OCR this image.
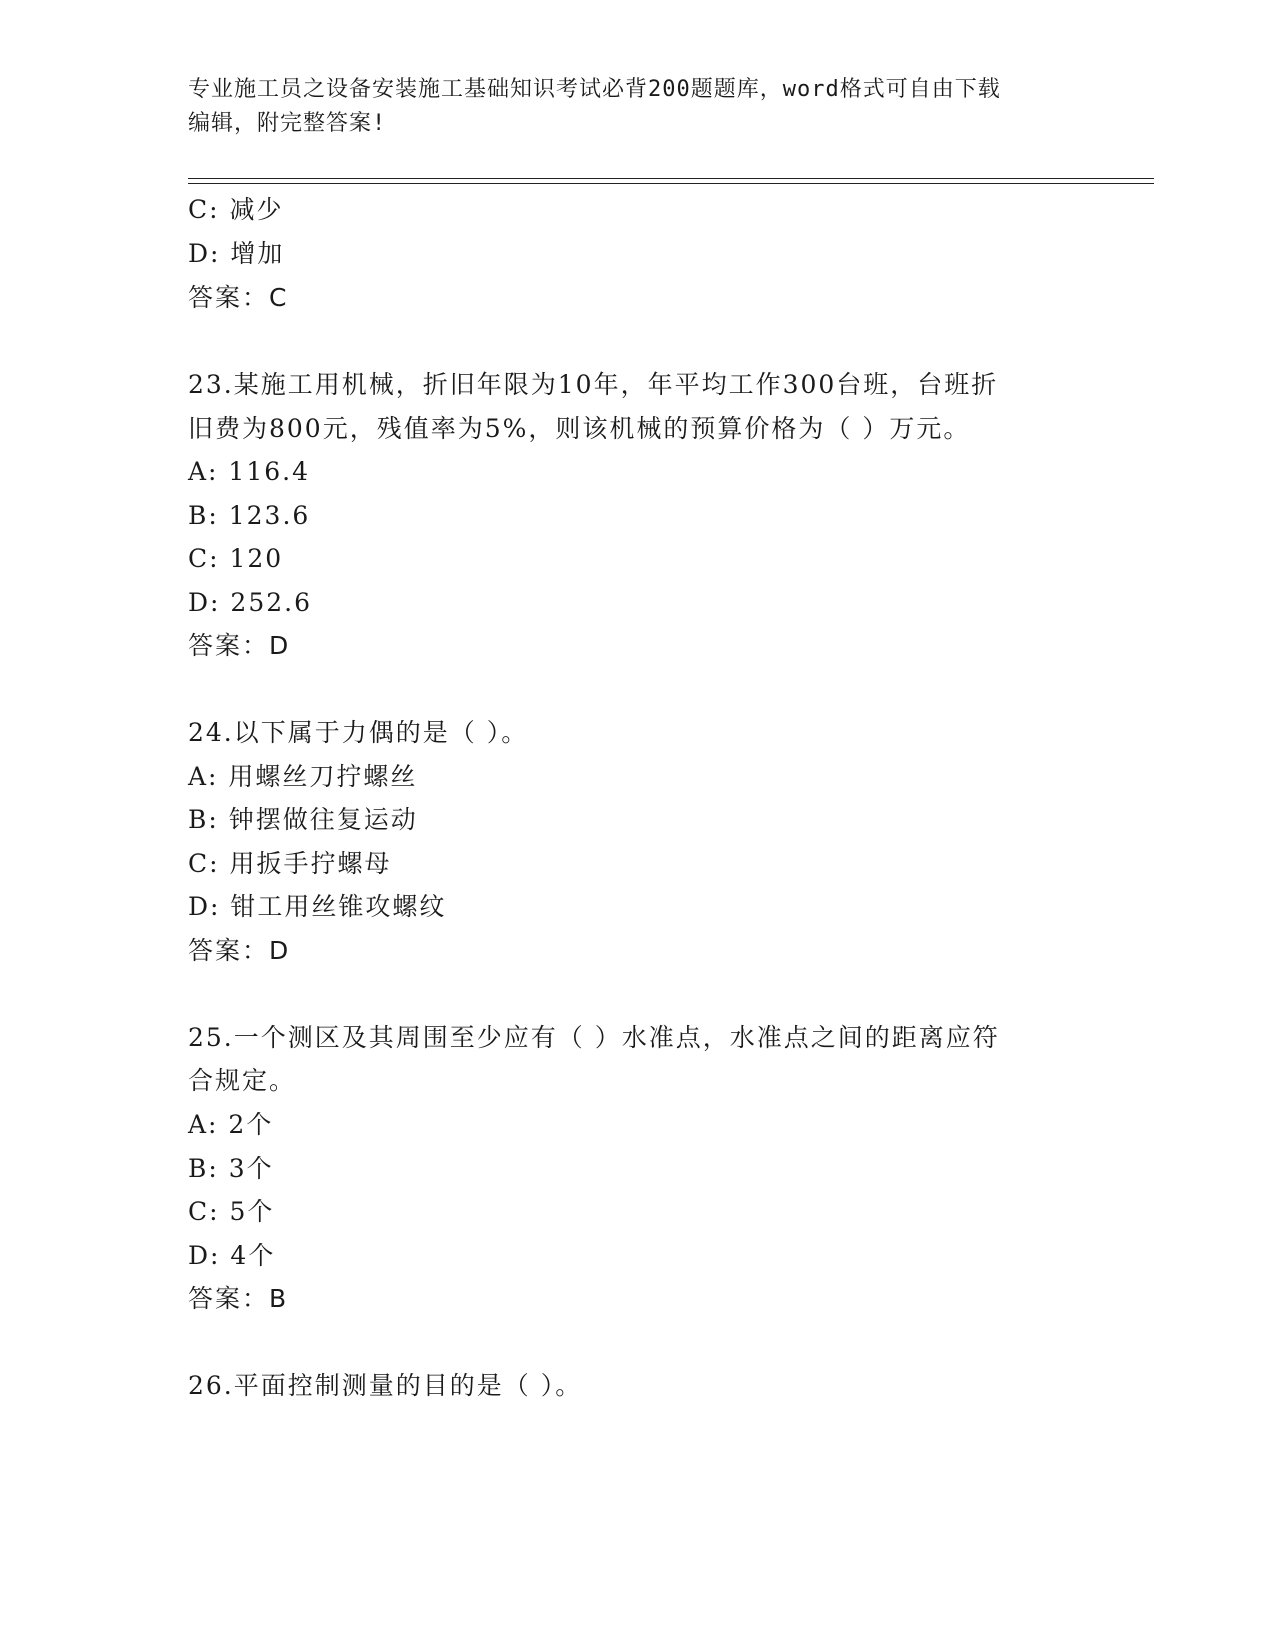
专业施工员之设备安装施工基础知识考试必背200题题库，word格式可自由下载
编辑，附完整答案!
C: 减少
D: 增加
答案：C
23.某施工用机械，折旧年限为10年，年平均工作300台班，台班折
旧费为800元，残值率为5%，则该机械的预算价格为（ ）万元。
A: 116.4
B: 123.6
C: 120
D: 252.6
答案：D
24.以下属于力偶的是（ ）。
A: 用螺丝刀拧螺丝
B: 钟摆做往复运动
C: 用扳手拧螺母
D: 钳工用丝锥攻螺纹
答案：D
25.一个测区及其周围至少应有（ ）水准点，水准点之间的距离应符
合规定。
A: 2个
B: 3个
C: 5个
D: 4个
答案：B
26.平面控制测量的目的是（ ）。
